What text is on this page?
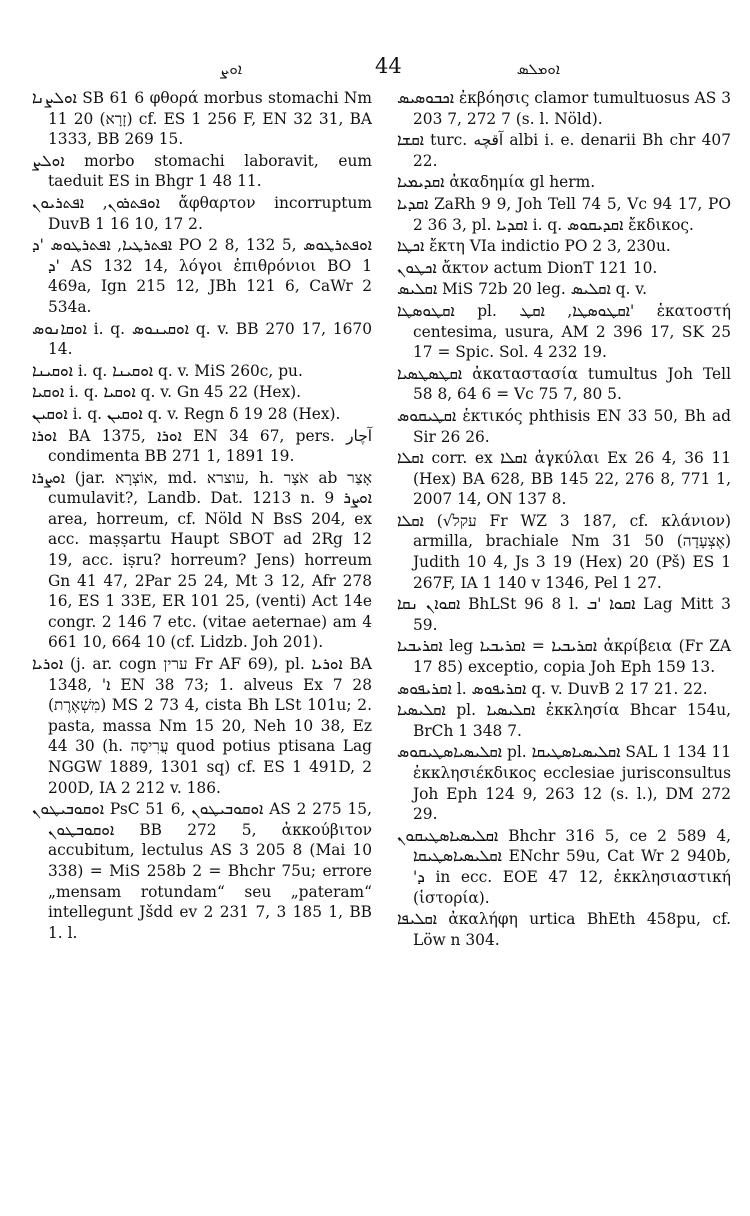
ܐܘܨ	44	ܐܘܡܠܣ

ܐܘܠܨܢܐ SB 61 6 φθορά morbus stomachi Nm 11 20 (זָרָא) cf. ES 1 256 F, EN 32 31, BA 1333, BB 269 15.

ܐܘܠܨ morbo stomachi laboravit, eum taeduit ES in Bhgr 1 48 11.

ܐܘܦܬܪܘܢ, ܐܦܬܪܝܘܢ ἄφθαρτον incorruptum DuvB 1 16 10, 17 2.

ܐܦܬܪܛܝܐ, ܐܦܬܪܛܘܣ 'ܕ PO 2 8, 132 5, ܐܘܦܬܪܛܘܣ 'ܕ AS 132 14, λόγοι ἐπιθρόνιοι BO 1 469a, Ign 215 12, JBh 121 6, CaWr 2 534a.

ܐܘܩܐܢܘܣ i. q. ܐܘܩܝܢܘܣ q. v. BB 270 17, 1670 14.

ܐܘܩܝܢܐ i. q. ܐܘܩܝܢܐ q. v. MiS 260c, pu.

ܐܘܩܝܐ i. q. ܐܘܩܝܐ q. v. Gn 45 22 (Hex).

ܐܘܩܝܢ i. q. ܐܘܩܝܢ q. v. Regn δ 19 28 (Hex).

ܐܘܪܐ BA 1375, ܐܘܪܐ EN 34 67, pers. آچار condimenta BB 271 1, 1891 19.

ܐܘܨܪܐ (jar. אוֹצְרָא, md. עוצרא, h. אֹצָר ab אָצַר cumulavit?, Landb. Dat. 1213 n. 9 ܐܘܨܪ area, horreum, cf. Nöld N BsS 204, ex acc. maṣṣartu Haupt SBOT ad 2Rg 12 19, acc. iṣru? horreum? Jens) horreum Gn 41 47, 2Par 25 24, Mt 3 12, Afr 278 16, ES 1 33E, ER 101 25, (venti) Act 14e congr. 2 146 7 etc. (vitae aeternae) am 4 661 10, 664 10 (cf. Lidzb. Joh 201).

ܐܘܪܝܐ (j. ar. cogn ערין Fr AF 69), pl. ܐܘܪܝܐ BA 1348, 'ܐ EN 38 73; 1. alveus Ex 7 28 (מִשְׁאֶרֶת) MS 2 73 4, cista Bh LSt 101u; 2. pasta, massa Nm 15 20, Neh 10 38, Ez 44 30 (h. עֲרִיסָה quod potius ptisana Lag NGGW 1889, 1301 sq) cf. ES 1 491D, 2 200D, IA 2 212 v. 186.

ܐܘܩܘܒܝܛܘܢ PsC 51 6, ܐܘܩܘܒܝܛܘܢ AS 2 275 15, ܐܘܩܘܒܛܘܢ BB 272 5, ἀκκούβιτον accubitum, lectulus AS 3 205 8 (Mai 10 338) = MiS 258b 2 = Bhchr 75u; errore „mensam rotundam“ seu „pateram“ intellegunt Jšdd ev 2 231 7, 3 185 1, BB 1. l.

ܐܟܒܘܣܝܣ ἐκβόησις clamor tumultuosus AS 3 203 7, 272 7 (s. l. Nöld).

ܐܩܫܐ turc. آقچه albi i. e. denarii Bh chr 407 22.

ܐܩܕܝܡܝܐ ἀκαδημία gl herm.

ܐܩܕܝܐ ZaRh 9 9, Joh Tell 74 5, Vc 94 17, PO 2 36 3, pl. ܐܩܕܝܐ i. q. ܐܩܕܝܩܘܣ ἔκδικος.

ܐܟܛܐ ἔκτη VIa indictio PO 2 3, 230u.

ܐܟܛܘܢ ἄκτον actum DionT 121 10.

ܐܩܠܝܣ MiS 72b 20 leg. ܐܩܠܝܣ q. v.

ܐܩܛܘܣܛܐ pl. ܐܩܛܘܣܛܐ, ܐܩܛ' ἑκατοστή centesima, usura, AM 2 396 17, SK 25 17 = Spic. Sol. 4 232 19.

ܐܩܛܣܛܣܝܐ ἀκαταστασία tumultus Joh Tell 58 8, 64 6 = Vc 75 7, 80 5.

ܐܩܛܝܩܘܣ ἑκτικός phthisis EN 33 50, Bh ad Sir 26 26.

ܐܩܠܐ corr. ex ܐܩܠܐ ἀγκύλαι Ex 26 4, 36 11 (Hex) BA 628, BB 145 22, 276 8, 771 1, 2007 14, ON 137 8.

ܐܩܠܐ (√עקל Fr WZ 3 187, cf. κλάνιον) armilla, brachiale Nm 31 50 (אֶצְעָדָה) Judith 10 4, Js 3 19 (Hex) 20 (Pš) ES 1 267F, IA 1 140 v 1346, Pel 1 27.

ܐܩܘܐܢ ܢܩܐ BhLSt 96 8 l. ܐܩܘܐ 'ܒ Lag Mitt 3 59.

ܐܩܪܝܒܝܐ leg ܐܩܪܝܒܝܐ = ܐܩܪܝܒܝܐ ἀκρίβεια (Fr ZA 17 85) exceptio, copia Joh Eph 159 13.

ܐܩܪܝܦܘܣ l. ܐܩܪܝܦܘܣ q. v. DuvB 2 17 21. 22.

ܐܩܠܝܣܝܐ pl. ܐܩܠܝܣܝܐ ἐκκλησία Bhcar 154u, BrCh 1 348 7.

ܐܩܠܝܣܝܐܣܛܝܩܘܣ pl. ܐܩܠܝܣܝܐܣܛܝܩܐ SAL 1 134 11 ἐκκλησιέκδικος ecclesiae jurisconsultus Joh Eph 124 9, 263 12 (s. l.), DM 272 29.

ܐܩܠܝܣܝܐܣܛܝܩܘܢ Bhchr 316 5, ce 2 589 4, ܐܩܠܝܣܝܐܣܛܝܩܐ ENchr 59u, Cat Wr 2 940b, 'ܕ in ecc. EOE 47 12, ἐκκλησιαστική (ἱστορία).

ܐܩܠܝܦܐ ἀκαλήφη urtica BhEth 458pu, cf. Löw n 304.
